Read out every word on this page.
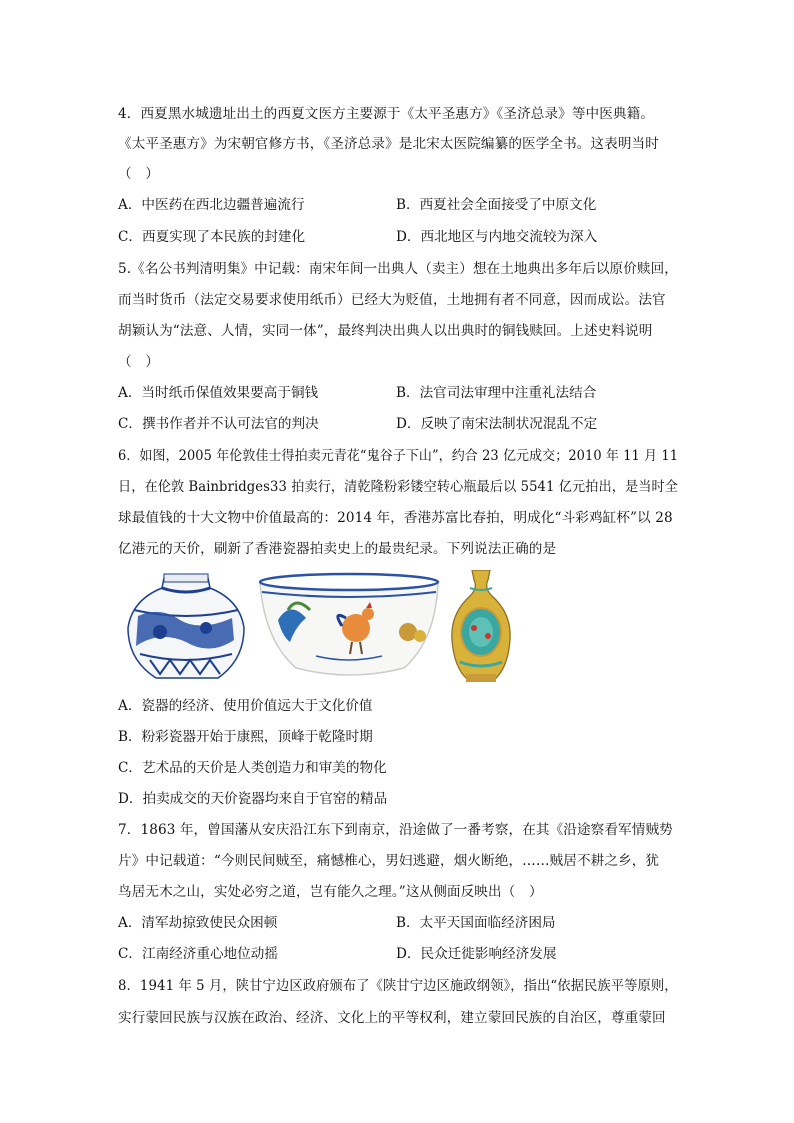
4．西夏黑水城遗址出土的西夏文医方主要源于《太平圣惠方》《圣济总录》等中医典籍。
《太平圣惠方》为宋朝官修方书，《圣济总录》是北宋太医院编纂的医学全书。这表明当时
（　）
A．中医药在西北边疆普遍流行	B．西夏社会全面接受了中原文化
C．西夏实现了本民族的封建化	D．西北地区与内地交流较为深入
5.《名公书判清明集》中记载：南宋年间一出典人（卖主）想在土地典出多年后以原价赎回，
而当时货币（法定交易要求使用纸币）已经大为贬值，土地拥有者不同意，因而成讼。法官
胡颖认为“法意、人情，实同一体”，最终判决出典人以出典时的铜钱赎回。上述史料说明
（　）
A．当时纸币保值效果要高于铜钱	B．法官司法审理中注重礼法结合
C．撰书作者并不认可法官的判决	D．反映了南宋法制状况混乱不定
6．如图，2005 年伦敦佳士得拍卖元青花“鬼谷子下山”，约合 23 亿元成交；2010 年 11 月 11
日，在伦敦 Bainbridges33 拍卖行，清乾隆粉彩镂空转心瓶最后以 5541 亿元拍出，是当时全
球最值钱的十大文物中价值最高的：2014 年，香港苏富比春拍，明成化“斗彩鸡缸杯”以 28
亿港元的天价，刷新了香港瓷器拍卖史上的最贵纪录。下列说法正确的是
A．瓷器的经济、使用价值远大于文化价值
B．粉彩瓷器开始于康熙，顶峰于乾隆时期
C．艺术品的天价是人类创造力和审美的物化
D．拍卖成交的天价瓷器均来自于官窑的精品
7．1863 年，曾国藩从安庆沿江东下到南京，沿途做了一番考察，在其《沿途察看军情贼势
片》中记载道：“今则民间贼至，痛憾椎心，男妇逃避，烟火断绝，……贼居不耕之乡，犹
鸟居无木之山，实处必穷之道，岂有能久之理。”这从侧面反映出（　）
A．清军劫掠致使民众困顿	B．太平天国面临经济困局
C．江南经济重心地位动摇	D．民众迁徙影响经济发展
8．1941 年 5 月，陕甘宁边区政府颁布了《陕甘宁边区施政纲领》，指出“依据民族平等原则，
实行蒙回民族与汉族在政治、经济、文化上的平等权利，建立蒙回民族的自治区，尊重蒙回
